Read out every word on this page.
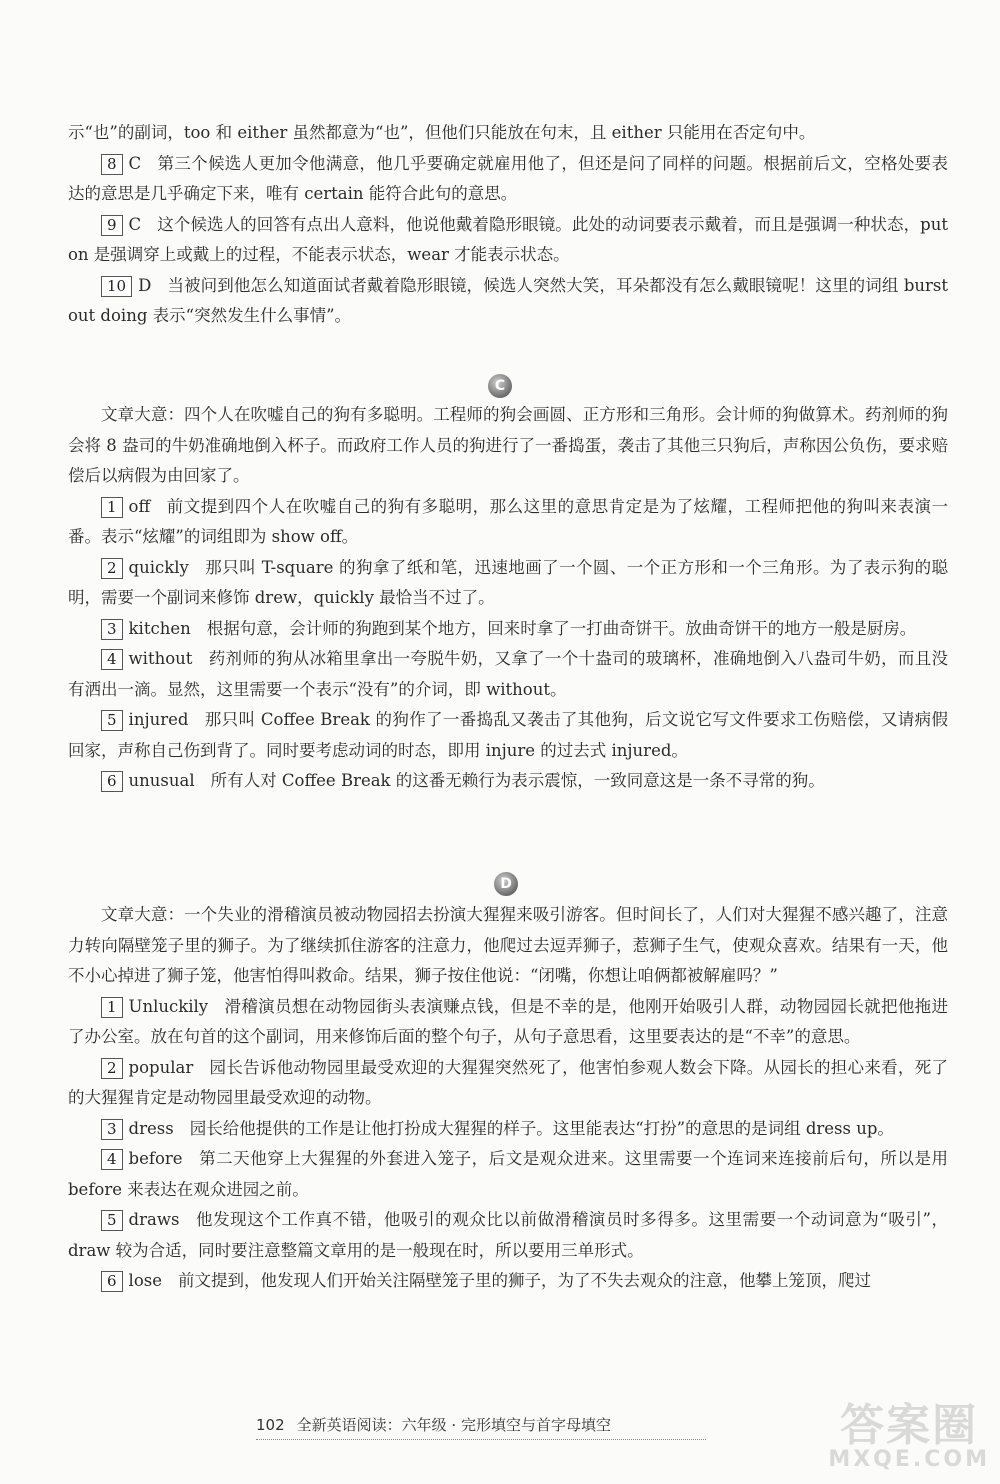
示“也”的副词，too 和 either 虽然都意为“也”，但他们只能放在句末，且 either 只能用在否定句中。
8 C 第三个候选人更加令他满意，他几乎要确定就雇用他了，但还是问了同样的问题。根据前后文，空格处要表达的意思是几乎确定下来，唯有 certain 能符合此句的意思。
9 C 这个候选人的回答有点出人意料，他说他戴着隐形眼镜。此处的动词要表示戴着，而且是强调一种状态，put on 是强调穿上或戴上的过程，不能表示状态，wear 才能表示状态。
10 D 当被问到他怎么知道面试者戴着隐形眼镜，候选人突然大笑，耳朵都没有怎么戴眼镜呢！这里的词组 burst out doing 表示“突然发生什么事情”。
C
文章大意：四个人在吹嘘自己的狗有多聪明。工程师的狗会画圆、正方形和三角形。会计师的狗做算术。药剂师的狗会将 8 盎司的牛奶准确地倒入杯子。而政府工作人员的狗进行了一番捣蛋，袭击了其他三只狗后，声称因公负伤，要求赔偿后以病假为由回家了。
1 off 前文提到四个人在吹嘘自己的狗有多聪明，那么这里的意思肯定是为了炫耀，工程师把他的狗叫来表演一番。表示“炫耀”的词组即为 show off。
2 quickly 那只叫 T-square 的狗拿了纸和笔，迅速地画了一个圆、一个正方形和一个三角形。为了表示狗的聪明，需要一个副词来修饰 drew，quickly 最恰当不过了。
3 kitchen 根据句意，会计师的狗跑到某个地方，回来时拿了一打曲奇饼干。放曲奇饼干的地方一般是厨房。
4 without 药剂师的狗从冰箱里拿出一夸脱牛奶，又拿了一个十盎司的玻璃杯，准确地倒入八盎司牛奶，而且没有洒出一滴。显然，这里需要一个表示“没有”的介词，即 without。
5 injured 那只叫 Coffee Break 的狗作了一番捣乱又袭击了其他狗，后文说它写文件要求工伤赔偿，又请病假回家，声称自己伤到背了。同时要考虑动词的时态，即用 injure 的过去式 injured。
6 unusual 所有人对 Coffee Break 的这番无赖行为表示震惊，一致同意这是一条不寻常的狗。
D
文章大意：一个失业的滑稽演员被动物园招去扮演大猩猩来吸引游客。但时间长了，人们对大猩猩不感兴趣了，注意力转向隔壁笼子里的狮子。为了继续抓住游客的注意力，他爬过去逗弄狮子，惹狮子生气，使观众喜欢。结果有一天，他不小心掉进了狮子笼，他害怕得叫救命。结果，狮子按住他说：“闭嘴，你想让咱俩都被解雇吗？”
1 Unluckily 滑稽演员想在动物园街头表演赚点钱，但是不幸的是，他刚开始吸引人群，动物园园长就把他拖进了办公室。放在句首的这个副词，用来修饰后面的整个句子，从句子意思看，这里要表达的是“不幸”的意思。
2 popular 园长告诉他动物园里最受欢迎的大猩猩突然死了，他害怕参观人数会下降。从园长的担心来看，死了的大猩猩肯定是动物园里最受欢迎的动物。
3 dress 园长给他提供的工作是让他打扮成大猩猩的样子。这里能表达“打扮”的意思的是词组 dress up。
4 before 第二天他穿上大猩猩的外套进入笼子，后文是观众进来。这里需要一个连词来连接前后句，所以是用 before 来表达在观众进园之前。
5 draws 他发现这个工作真不错，他吸引的观众比以前做滑稽演员时多得多。这里需要一个动词意为“吸引”，draw 较为合适，同时要注意整篇文章用的是一般现在时，所以要用三单形式。
6 lose 前文提到，他发现人们开始关注隔壁笼子里的狮子，为了不失去观众的注意，他攀上笼顶，爬过
102 全新英语阅读：六年级 · 完形填空与首字母填空	答案圈
MXQE.COM
